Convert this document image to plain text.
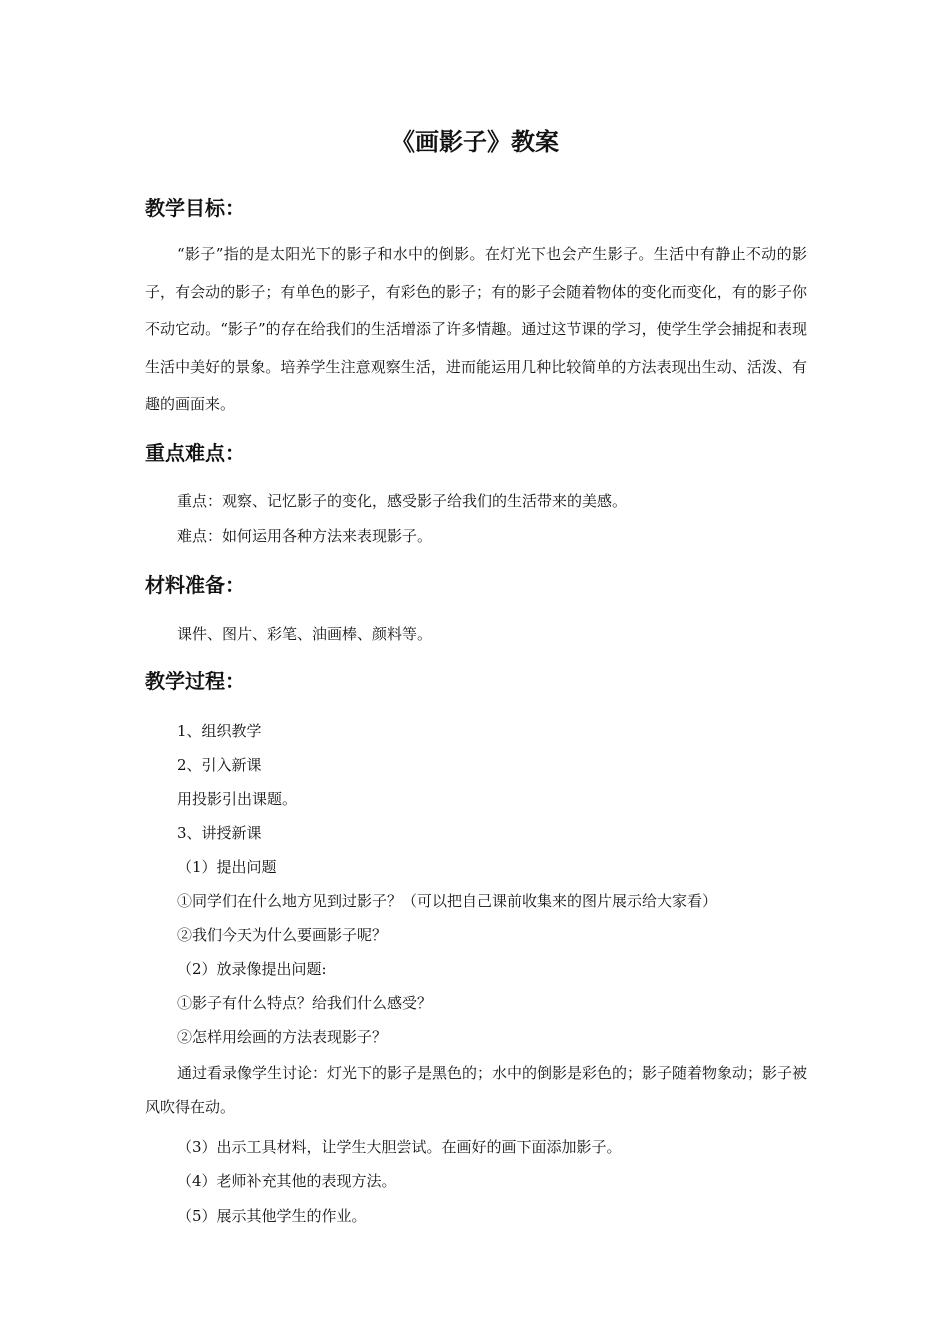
《画影子》教案
教学目标：

“影子”指的是太阳光下的影子和水中的倒影。在灯光下也会产生影子。生活中有静止不动的影子，有会动的影子；有单色的影子，有彩色的影子；有的影子会随着物体的变化而变化，有的影子你不动它动。“影子”的存在给我们的生活增添了许多情趣。通过这节课的学习，使学生学会捕捉和表现生活中美好的景象。培养学生注意观察生活，进而能运用几种比较简单的方法表现出生动、活泼、有趣的画面来。

重点难点：

重点：观察、记忆影子的变化，感受影子给我们的生活带来的美感。

难点：如何运用各种方法来表现影子。

材料准备：

课件、图片、彩笔、油画棒、颜料等。

教学过程：

1、组织教学

2、引入新课

用投影引出课题。

3、讲授新课

（1）提出问题

①同学们在什么地方见到过影子？（可以把自己课前收集来的图片展示给大家看）

②我们今天为什么要画影子呢？

（2）放录像提出问题:

①影子有什么特点？给我们什么感受？

②怎样用绘画的方法表现影子？

通过看录像学生讨论：灯光下的影子是黑色的；水中的倒影是彩色的；影子随着物象动；影子被风吹得在动。

（3）出示工具材料，让学生大胆尝试。在画好的画下面添加影子。

（4）老师补充其他的表现方法。

（5）展示其他学生的作业。
